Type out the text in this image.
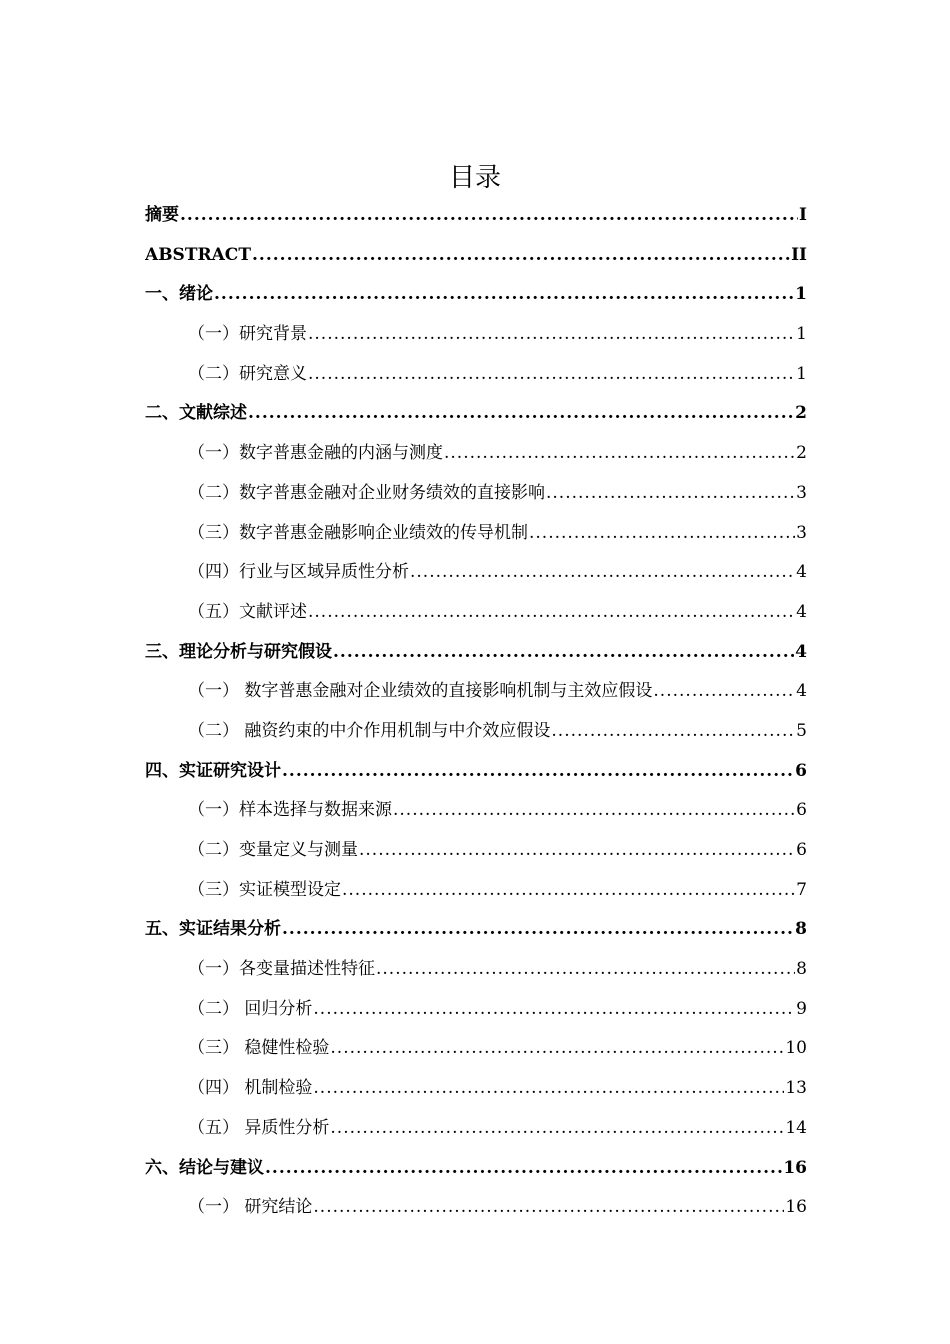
目录
摘要 .....	I
ABSTRACT .....	II
一、绪论 .....	1
（一）研究背景 .....	1
（二）研究意义 .....	1
二、文献综述 .....	2
（一）数字普惠金融的内涵与测度 .....	2
（二）数字普惠金融对企业财务绩效的直接影响 .....	3
（三）数字普惠金融影响企业绩效的传导机制 .....	3
（四）行业与区域异质性分析 .....	4
（五）文献评述 .....	4
三、理论分析与研究假设 .....	4
（一） 数字普惠金融对企业绩效的直接影响机制与主效应假设 .....	4
（二） 融资约束的中介作用机制与中介效应假设 .....	5
四、实证研究设计 .....	6
（一）样本选择与数据来源 .....	6
（二）变量定义与测量 .....	6
（三）实证模型设定 .....	7
五、实证结果分析 .....	8
（一）各变量描述性特征 .....	8
（二） 回归分析 .....	9
（三） 稳健性检验 .....	10
（四） 机制检验 .....	13
（五） 异质性分析 .....	14
六、结论与建议 .....	16
（一） 研究结论 .....	16
